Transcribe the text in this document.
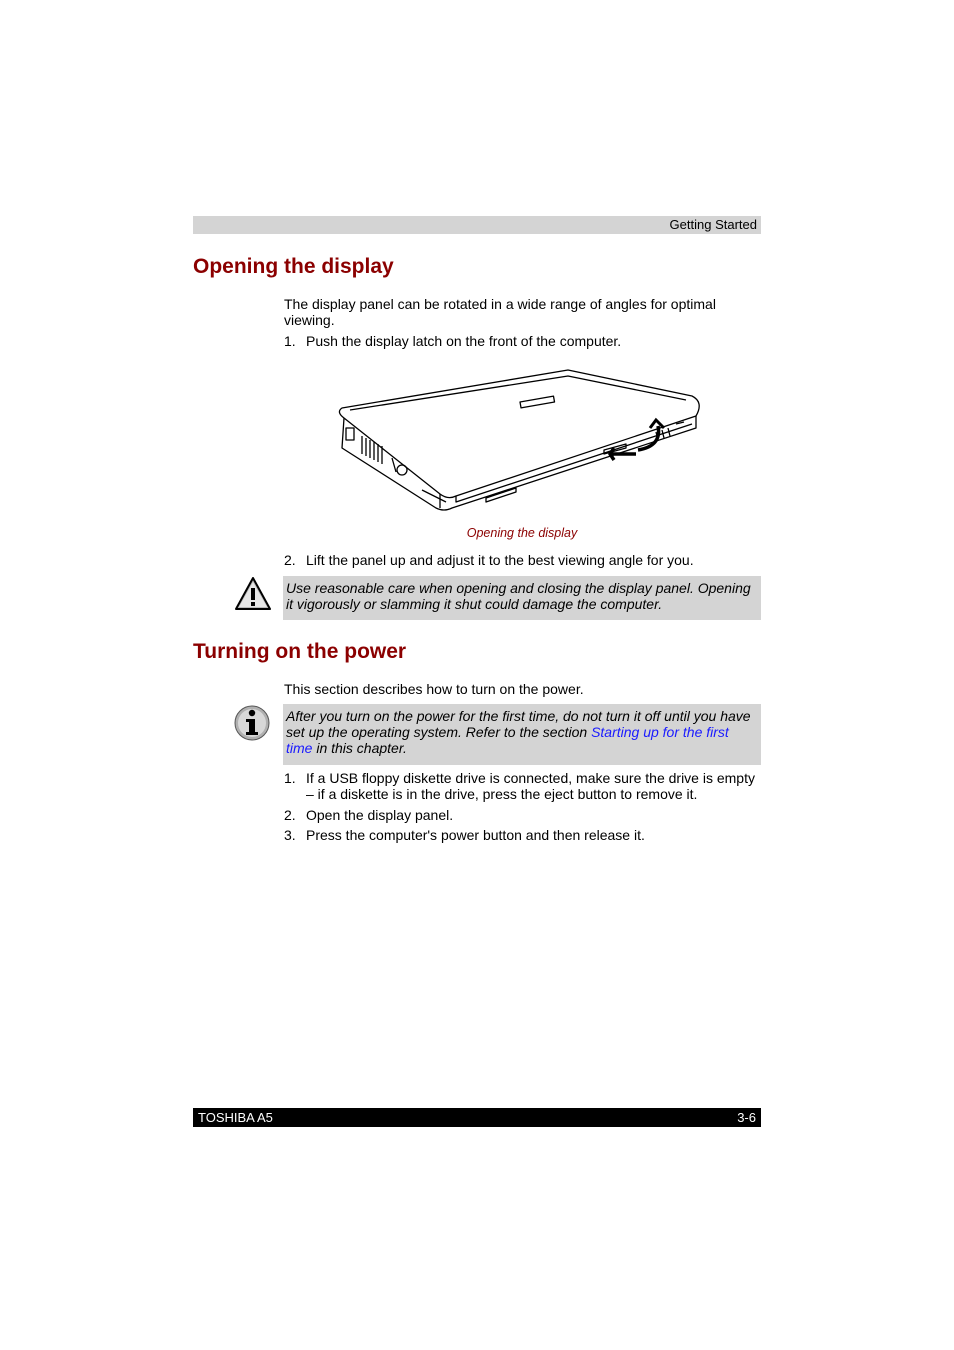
Getting Started
Opening the display
The display panel can be rotated in a wide range of angles for optimal viewing.
1. Push the display latch on the front of the computer.
Opening the display
2. Lift the panel up and adjust it to the best viewing angle for you.
Use reasonable care when opening and closing the display panel. Opening it vigorously or slamming it shut could damage the computer.
Turning on the power
This section describes how to turn on the power.
After you turn on the power for the first time, do not turn it off until you have set up the operating system. Refer to the section Starting up for the first time in this chapter.
1. If a USB floppy diskette drive is connected, make sure the drive is empty – if a diskette is in the drive, press the eject button to remove it.
2. Open the display panel.
3. Press the computer's power button and then release it.
TOSHIBA A5	3-6
